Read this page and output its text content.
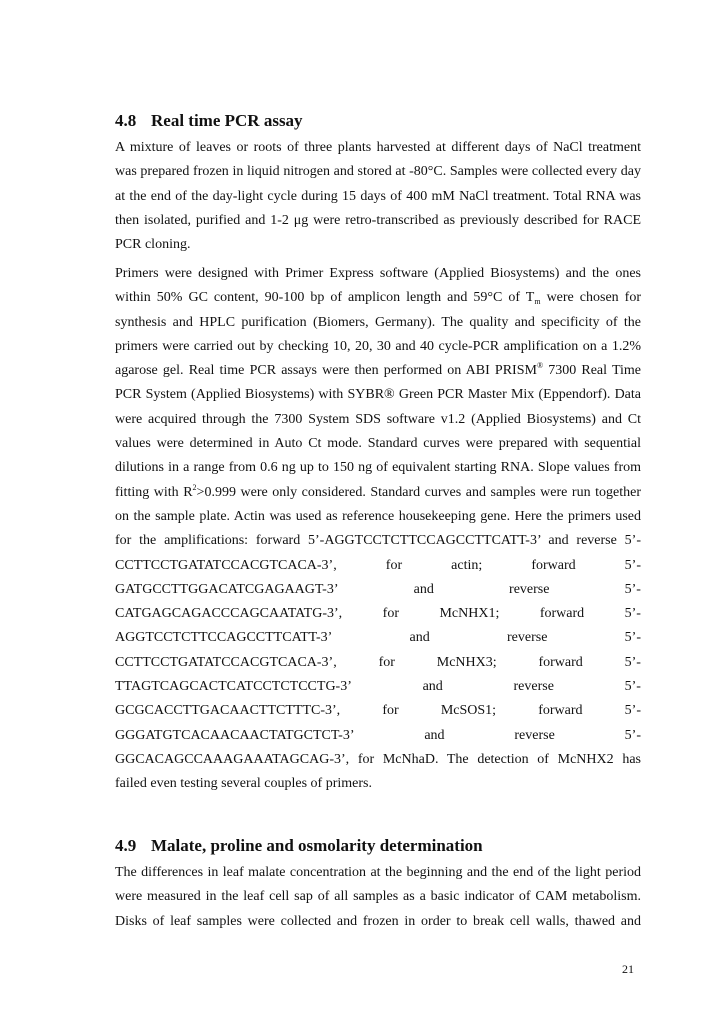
4.8 Real time PCR assay
A mixture of leaves or roots of three plants harvested at different days of NaCl treatment
was prepared frozen in liquid nitrogen and stored at -80°C. Samples were collected every day
at the end of the day-light cycle during 15 days of 400 mM NaCl treatment. Total RNA was
then isolated, purified and 1-2 μg were retro-transcribed as previously described for RACE
PCR cloning.
Primers were designed with Primer Express software (Applied Biosystems) and the ones
within 50% GC content, 90-100 bp of amplicon length and 59°C of $T_m$ were chosen for
synthesis and HPLC purification (Biomers, Germany). The quality and specificity of the
primers were carried out by checking 10, 20, 30 and 40 cycle-PCR amplification on a 1.2%
agarose gel. Real time PCR assays were then performed on ABI PRISM® 7300 Real Time
PCR System (Applied Biosystems) with SYBR® Green PCR Master Mix (Eppendorf). Data
were acquired through the 7300 System SDS software v1.2 (Applied Biosystems) and Ct
values were determined in Auto Ct mode. Standard curves were prepared with sequential
dilutions in a range from 0.6 ng up to 150 ng of equivalent starting RNA. Slope values from
fitting with $R^2>0.999$ were only considered. Standard curves and samples were run together
on the sample plate. Actin was used as reference housekeeping gene. Here the primers used
for the amplifications: forward 5’-AGGTCCTCTTCCAGCCTTCATT-3’ and reverse 5’-
CCTTCCTGATATCCACGTCACA-3’,	for	actin;	forward	5’-
GATGCCTTGGACATCGAGAAGT-3’	and	reverse	5’-
CATGAGCAGACCCAGCAATATG-3’,	for	McNHX1;	forward	5’-
AGGTCCTCTTCCAGCCTTCATT-3’	and	reverse	5’-
CCTTCCTGATATCCACGTCACA-3’,	for	McNHX3;	forward	5’-
TTAGTCAGCACTCATCCTCTCCTG-3’	and	reverse	5’-
GCGCACCTTGACAACTTCTTTC-3’,	for	McSOS1;	forward	5’-
GGGATGTCACAACAACTATGCTCT-3’	and	reverse	5’-
GGCACAGCCAAAGAAATAGCAG-3’, for McNhaD. The detection of McNHX2 has
failed even testing several couples of primers.
4.9 Malate, proline and osmolarity determination
The differences in leaf malate concentration at the beginning and the end of the light period
were measured in the leaf cell sap of all samples as a basic indicator of CAM metabolism.
Disks of leaf samples were collected and frozen in order to break cell walls, thawed and
21
